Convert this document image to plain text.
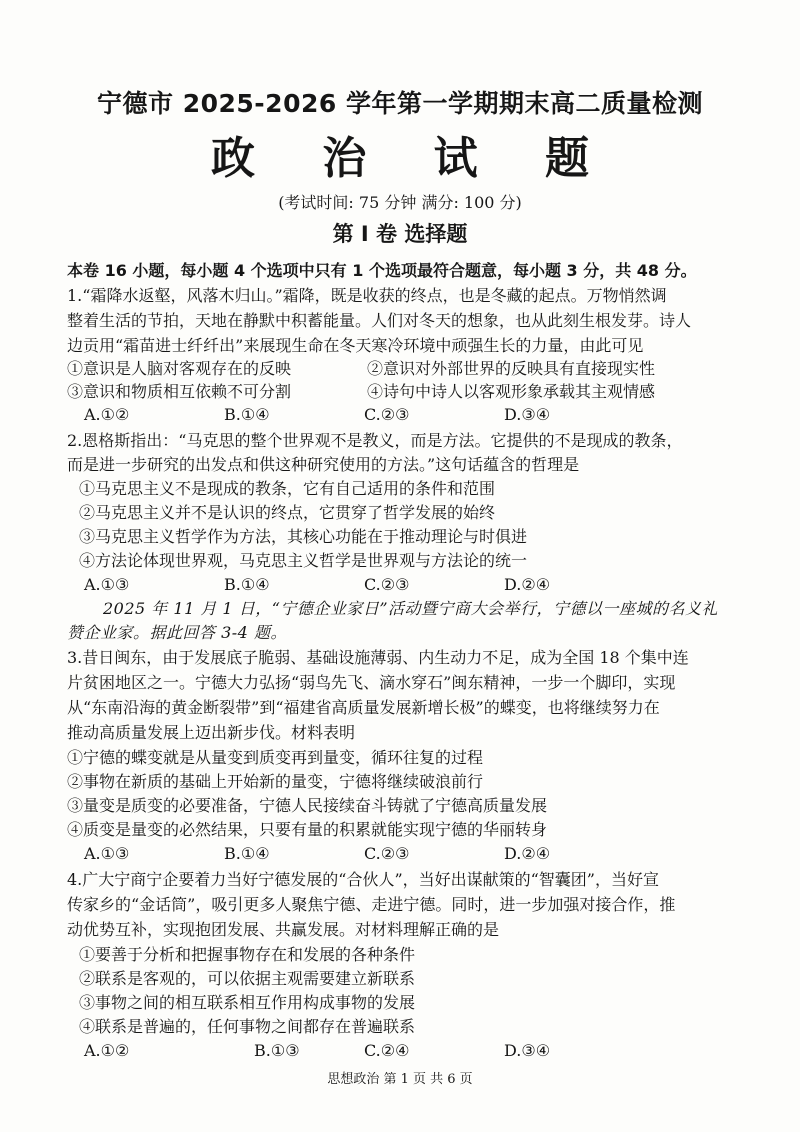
宁德市 2025-2026 学年第一学期期末高二质量检测
政 治 试 题
(考试时间: 75 分钟 满分: 100 分)
第 Ⅰ 卷 选择题
本卷 16 小题，每小题 4 个选项中只有 1 个选项最符合题意，每小题 3 分，共 48 分。
1.“霜降水返壑，风落木归山。”霜降，既是收获的终点，也是冬藏的起点。万物悄然调
整着生活的节拍，天地在静默中积蓄能量。人们对冬天的想象，也从此刻生根发芽。诗人
边贡用“霜苗进士纤纤出”来展现生命在冬天寒冷环境中顽强生长的力量，由此可见
①意识是人脑对客观存在的反映	②意识对外部世界的反映具有直接现实性
③意识和物质相互依赖不可分割	④诗句中诗人以客观形象承载其主观情感
A.①②	B.①④	C.②③	D.③④
2.恩格斯指出：“马克思的整个世界观不是教义，而是方法。它提供的不是现成的教条，
而是进一步研究的出发点和供这种研究使用的方法。”这句话蕴含的哲理是
①马克思主义不是现成的教条，它有自己适用的条件和范围
②马克思主义并不是认识的终点，它贯穿了哲学发展的始终
③马克思主义哲学作为方法，其核心功能在于推动理论与时俱进
④方法论体现世界观，马克思主义哲学是世界观与方法论的统一
A.①③	B.①④	C.②③	D.②④
2025 年 11 月 1 日，“宁德企业家日”活动暨宁商大会举行，宁德以一座城的名义礼
赞企业家。据此回答 3-4 题。
3.昔日闽东，由于发展底子脆弱、基础设施薄弱、内生动力不足，成为全国 18 个集中连
片贫困地区之一。宁德大力弘扬“弱鸟先飞、滴水穿石”闽东精神，一步一个脚印，实现
从“东南沿海的黄金断裂带”到“福建省高质量发展新增长极”的蝶变，也将继续努力在
推动高质量发展上迈出新步伐。材料表明
①宁德的蝶变就是从量变到质变再到量变，循环往复的过程
②事物在新质的基础上开始新的量变，宁德将继续破浪前行
③量变是质变的必要准备，宁德人民接续奋斗铸就了宁德高质量发展
④质变是量变的必然结果，只要有量的积累就能实现宁德的华丽转身
A.①③	B.①④	C.②③	D.②④
4.广大宁商宁企要着力当好宁德发展的“合伙人”，当好出谋献策的“智囊团”，当好宣
传家乡的“金话筒”，吸引更多人聚焦宁德、走进宁德。同时，进一步加强对接合作，推
动优势互补，实现抱团发展、共赢发展。对材料理解正确的是
①要善于分析和把握事物存在和发展的各种条件
②联系是客观的，可以依据主观需要建立新联系
③事物之间的相互联系相互作用构成事物的发展
④联系是普遍的，任何事物之间都存在普遍联系
A.①②	B.①③	C.②④	D.③④
思想政治 第 1 页 共 6 页
